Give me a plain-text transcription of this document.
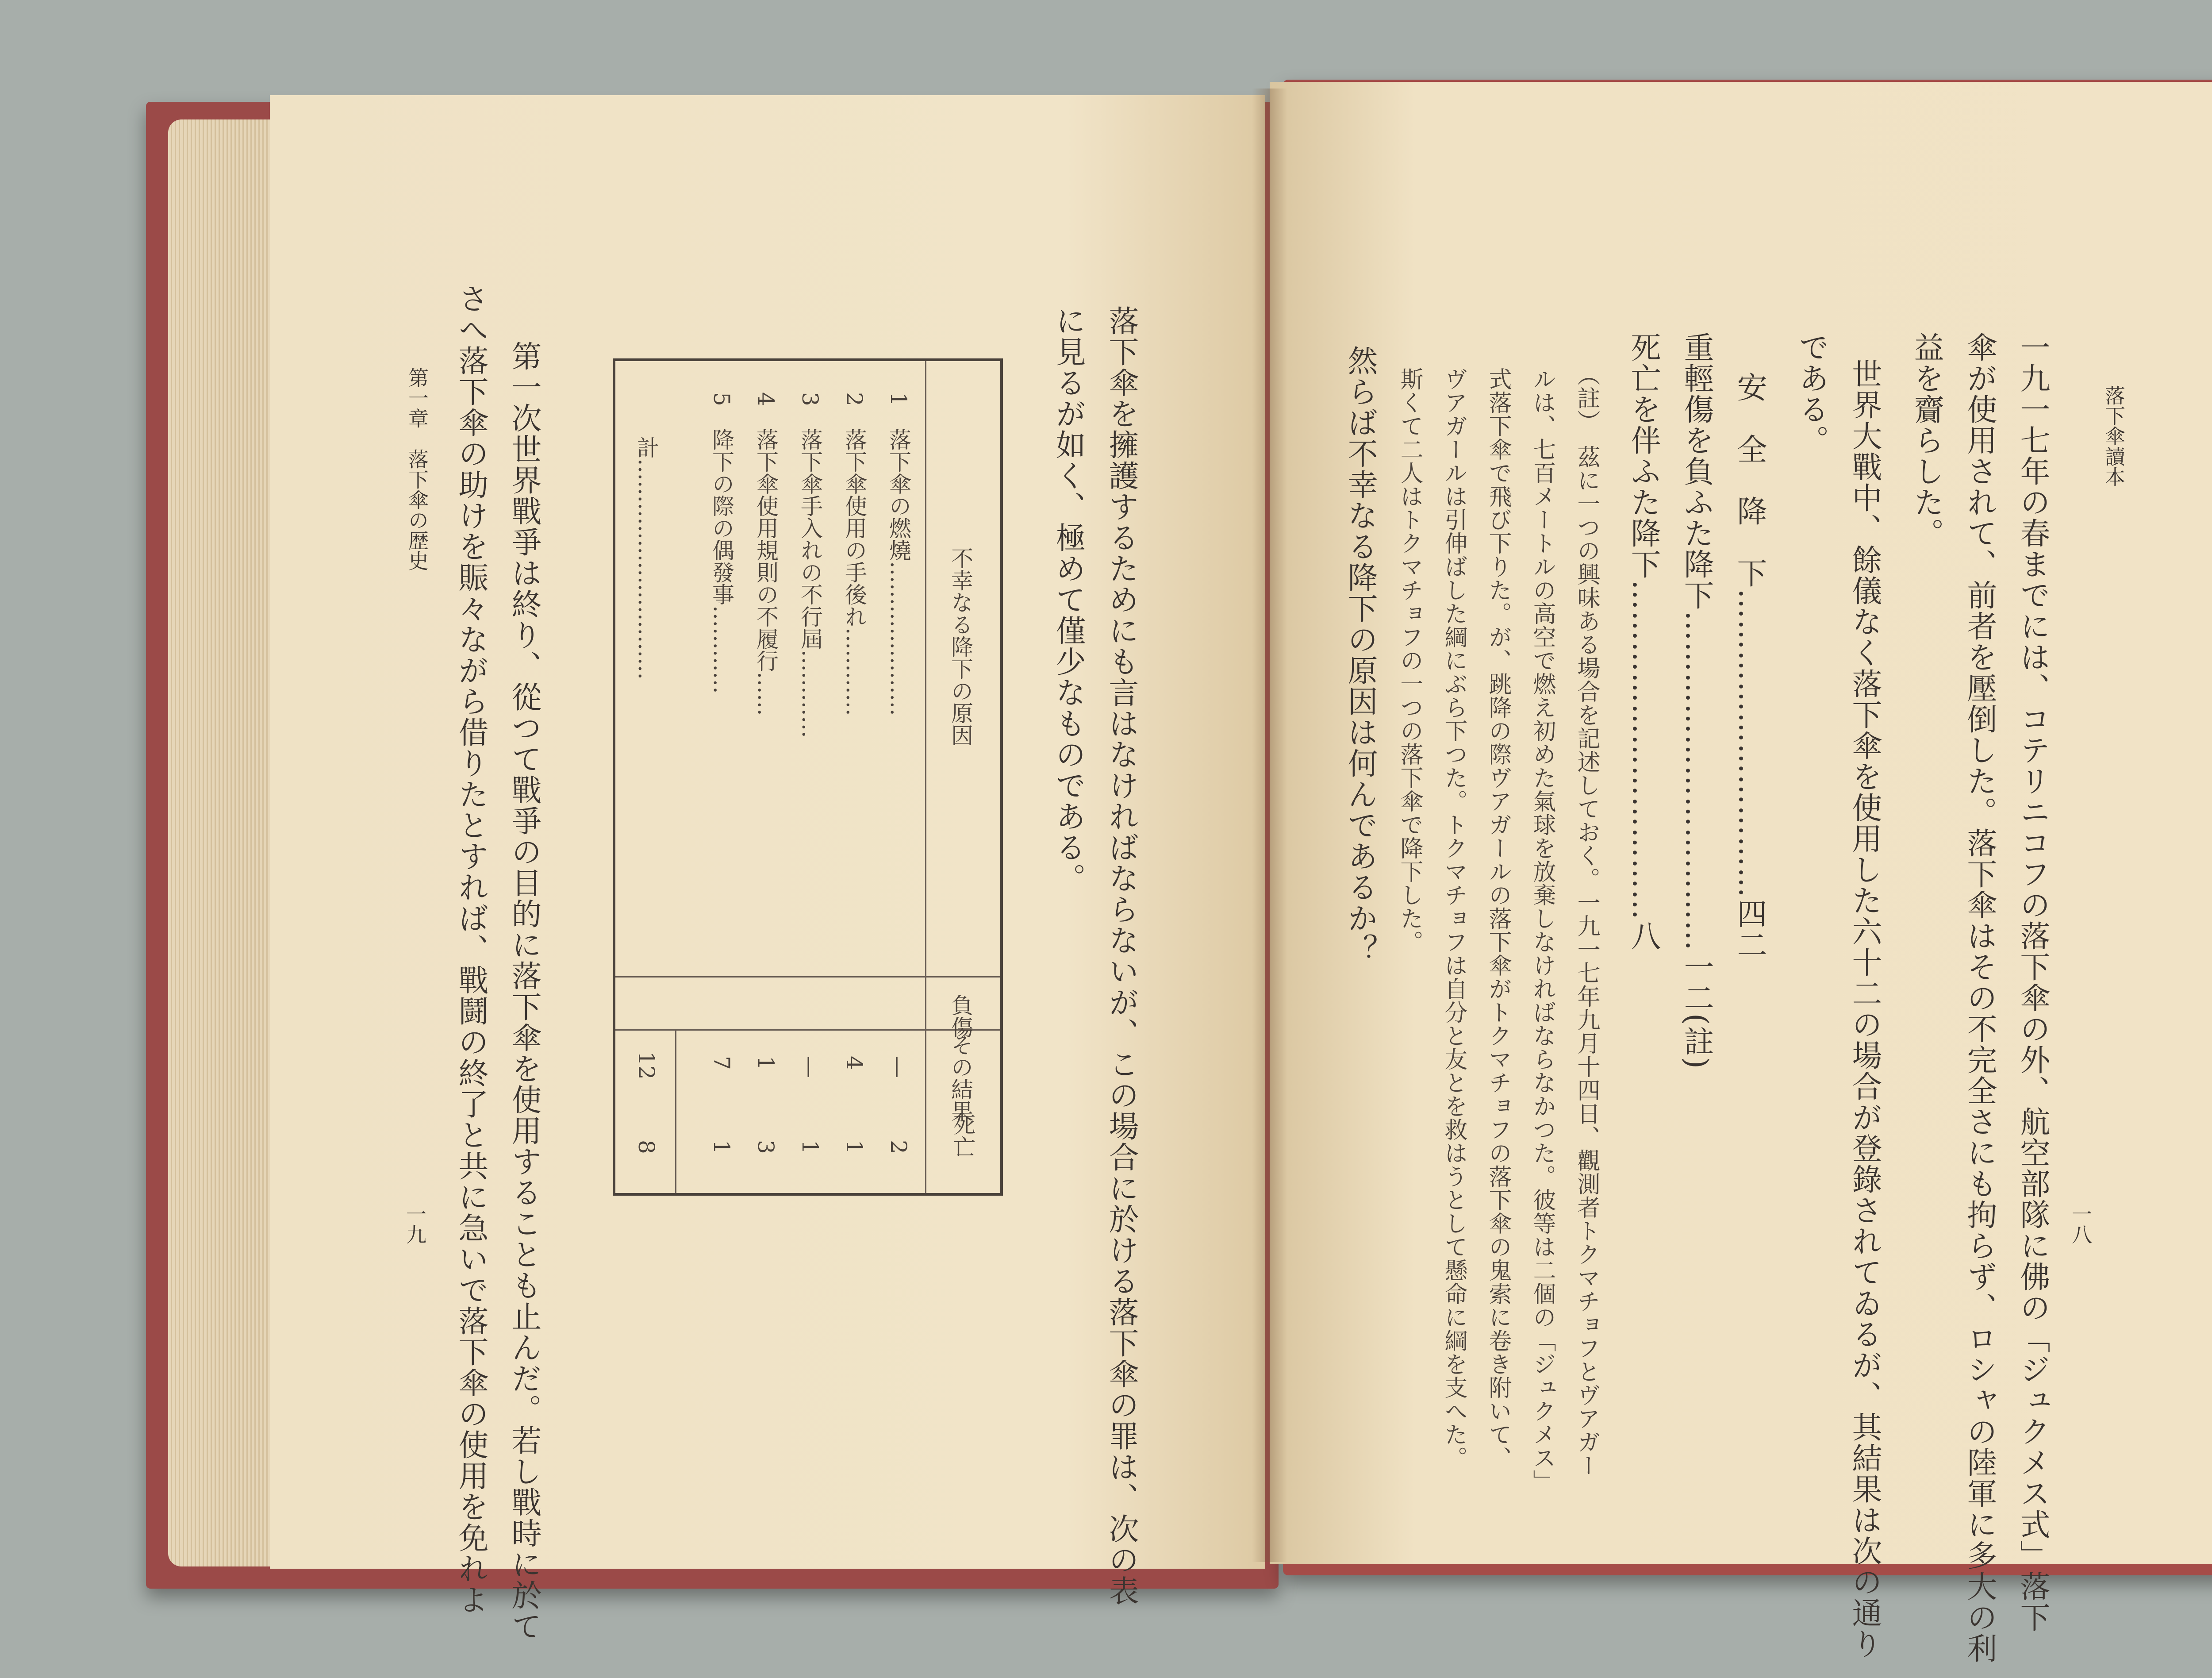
落下傘讀本
一八
一九一七年の春までには、コテリニコフの落下傘の外、航空部隊に佛の「ジュクメス式」落下
傘が使用されて、前者を壓倒した。落下傘はその不完全さにも拘らず、ロシャの陸軍に多大の利
益を齎らした。
世界大戰中、餘儀なく落下傘を使用した六十二の場合が登錄されてゐるが、其結果は次の通り
である。
安　全　降　下…………………………四二
重輕傷を負ふた降下……………………………一二(註)
死亡を伴ふた降下……………………………八
（註）　茲に一つの興味ある場合を記述しておく。一九一七年九月十四日、觀測者トクマチョフとヴアガー
ルは、七百メートルの高空で燃え初めた氣球を放棄しなければならなかつた。彼等は二個の「ジュクメス」
式落下傘で飛び下りた。が、跳降の際ヴアガールの落下傘がトクマチョフの落下傘の鬼索に卷き附いて、
ヴアガールは引伸ばした綱にぶら下つた。トクマチョフは自分と友とを救はうとして懸命に綱を支へた。
斯くて二人はトクマチョフの一つの落下傘で降下した。
然らば不幸なる降下の原因は何んであるか？
落下傘を擁護するためにも言はなければならないが、この場合に於ける落下傘の罪は、次の表
に見るが如く、極めて僅少なものである。
不幸なる降下の原因
その結果
負傷
死亡
1　落下傘の燃燒…………………
—
2
2　落下傘使用の手後れ…………
4
1
3　落下傘手入れの不行屆…………
—
1
4　落下傘使用規則の不履行……
1
3
5　降下の際の偶發事…………
7
1
計…………………………
12
8
第一次世界戰爭は終り、從つて戰爭の目的に落下傘を使用することも止んだ。若し戰時に於て
さへ落下傘の助けを賑々ながら借りたとすれば、戰鬪の終了と共に急いで落下傘の使用を免れよ
第一章　落下傘の歴史
一九
